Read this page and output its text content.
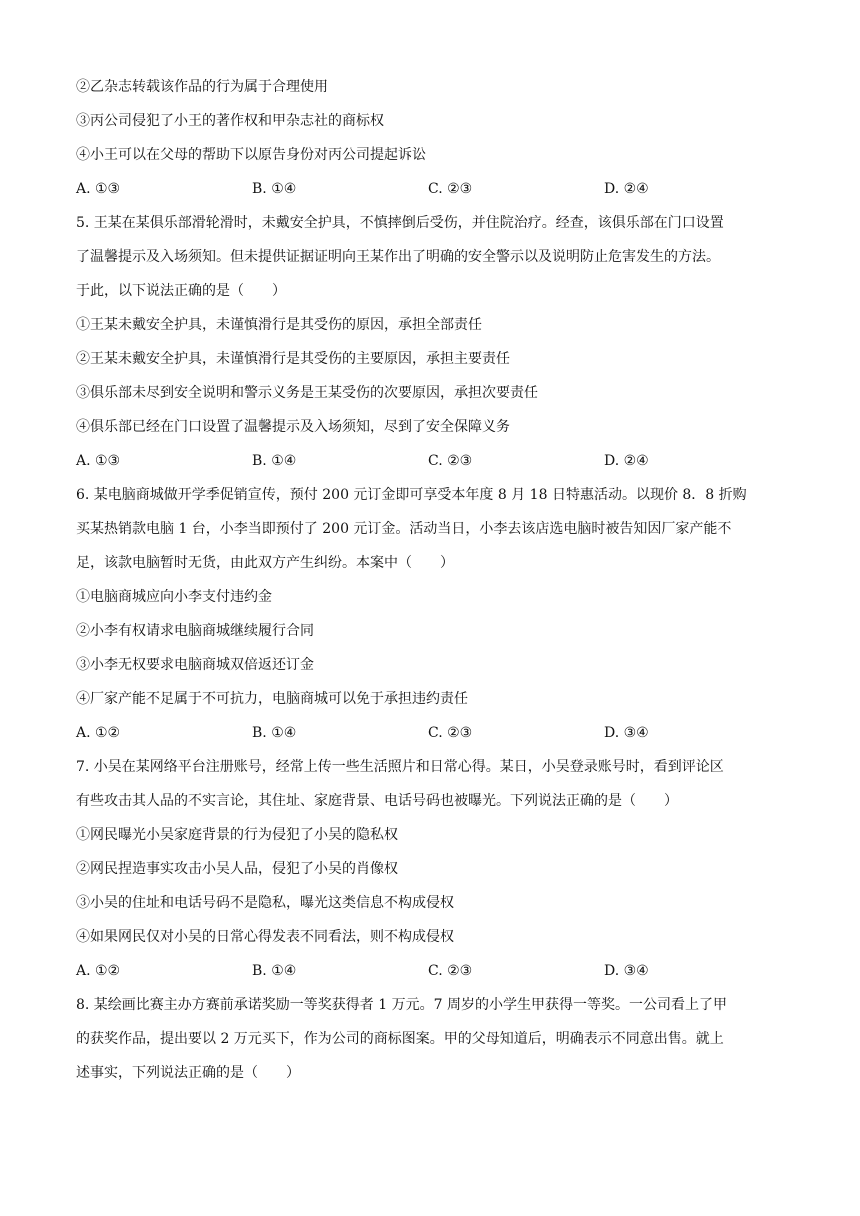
②乙杂志转载该作品的行为属于合理使用
③丙公司侵犯了小王的著作权和甲杂志社的商标权
④小王可以在父母的帮助下以原告身份对丙公司提起诉讼
A. ①③	B. ①④	C. ②③	D. ②④
5. 王某在某俱乐部滑轮滑时，未戴安全护具，不慎摔倒后受伤，并住院治疗。经查，该俱乐部在门口设置
了温馨提示及入场须知。但未提供证据证明向王某作出了明确的安全警示以及说明防止危害发生的方法。
于此，以下说法正确的是（　　）
①王某未戴安全护具，未谨慎滑行是其受伤的原因，承担全部责任
②王某未戴安全护具，未谨慎滑行是其受伤的主要原因，承担主要责任
③俱乐部未尽到安全说明和警示义务是王某受伤的次要原因，承担次要责任
④俱乐部已经在门口设置了温馨提示及入场须知，尽到了安全保障义务
A. ①③	B. ①④	C. ②③	D. ②④
6. 某电脑商城做开学季促销宣传，预付 200 元订金即可享受本年度 8 月 18 日特惠活动。以现价 8．8 折购
买某热销款电脑 1 台，小李当即预付了 200 元订金。活动当日，小李去该店选电脑时被告知因厂家产能不
足，该款电脑暂时无货，由此双方产生纠纷。本案中（　　）
①电脑商城应向小李支付违约金
②小李有权请求电脑商城继续履行合同
③小李无权要求电脑商城双倍返还订金
④厂家产能不足属于不可抗力，电脑商城可以免于承担违约责任
A. ①②	B. ①④	C. ②③	D. ③④
7. 小吴在某网络平台注册账号，经常上传一些生活照片和日常心得。某日，小吴登录账号时，看到评论区
有些攻击其人品的不实言论，其住址、家庭背景、电话号码也被曝光。下列说法正确的是（　　）
①网民曝光小吴家庭背景的行为侵犯了小吴的隐私权
②网民捏造事实攻击小吴人品，侵犯了小吴的肖像权
③小吴的住址和电话号码不是隐私，曝光这类信息不构成侵权
④如果网民仅对小吴的日常心得发表不同看法，则不构成侵权
A. ①②	B. ①④	C. ②③	D. ③④
8. 某绘画比赛主办方赛前承诺奖励一等奖获得者 1 万元。7 周岁的小学生甲获得一等奖。一公司看上了甲
的获奖作品，提出要以 2 万元买下，作为公司的商标图案。甲的父母知道后，明确表示不同意出售。就上
述事实，下列说法正确的是（　　）
